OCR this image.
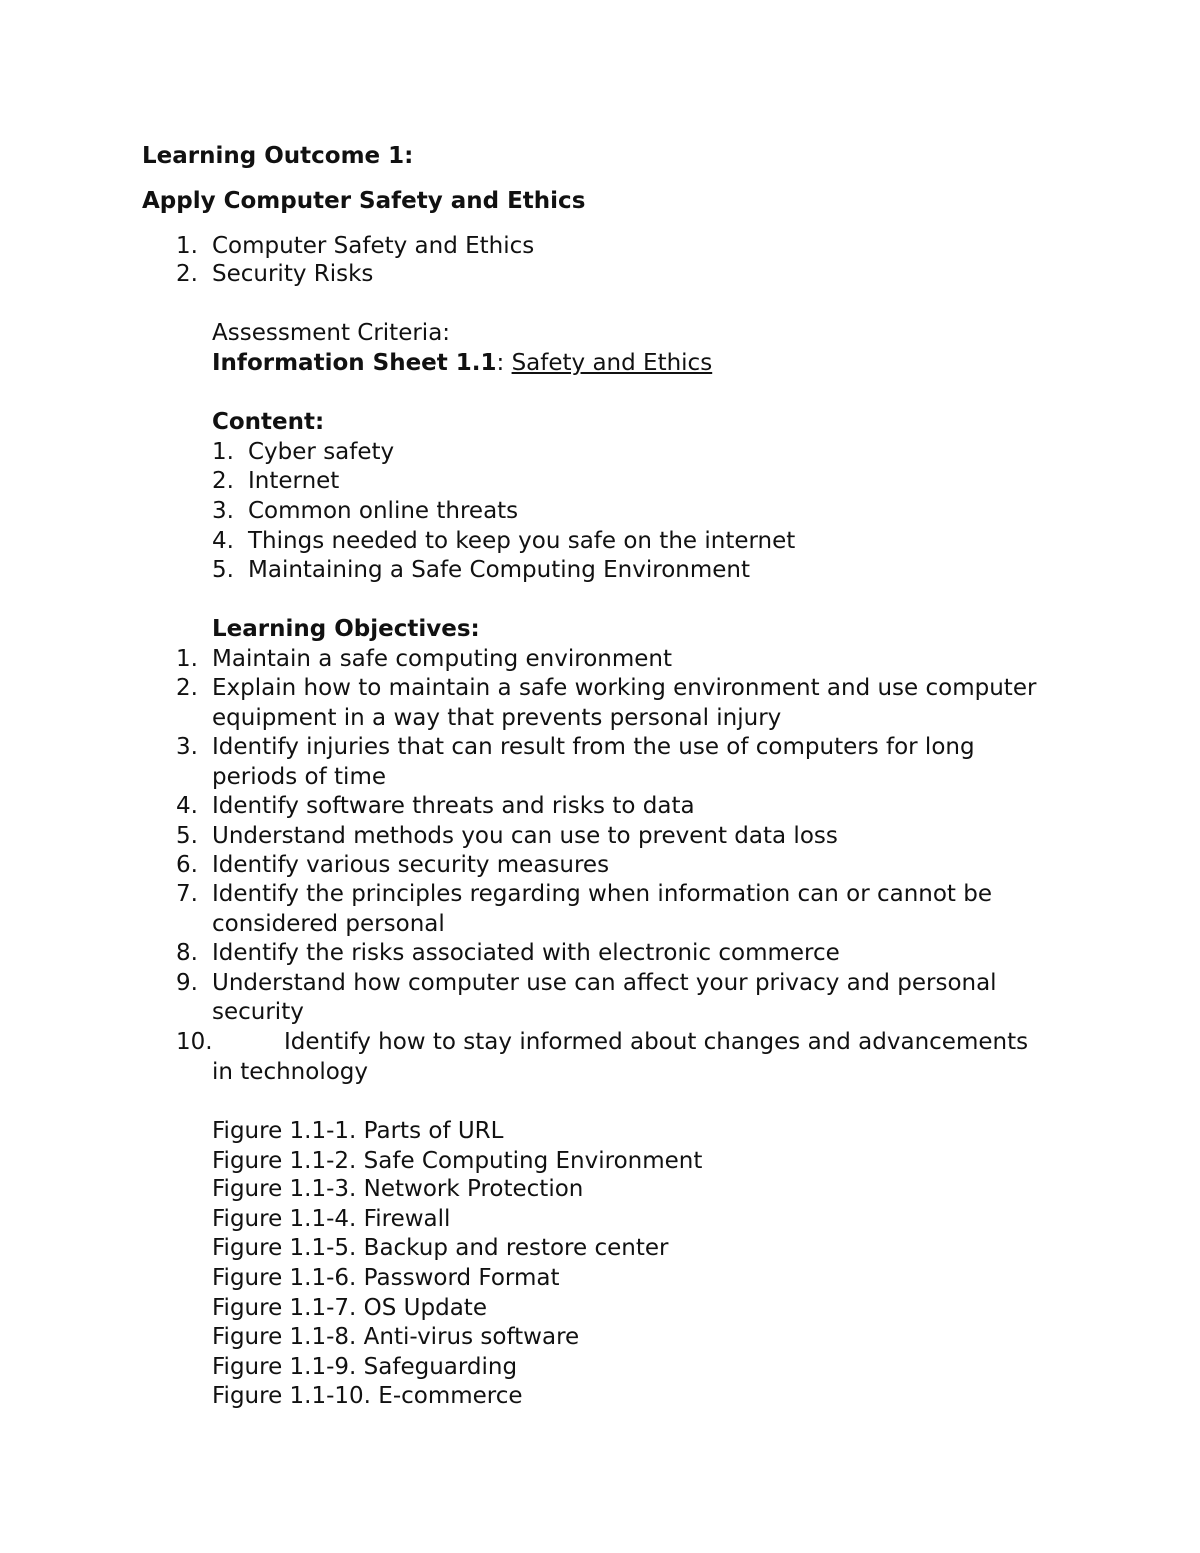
Learning Outcome 1:
Apply Computer Safety and Ethics
1. Computer Safety and Ethics
2. Security Risks
Assessment Criteria:
Information Sheet 1.1: Safety and Ethics
Content:
1. Cyber safety
2. Internet
3. Common online threats
4. Things needed to keep you safe on the internet
5. Maintaining a Safe Computing Environment
Learning Objectives:
1. Maintain a safe computing environment
2. Explain how to maintain a safe working environment and use computer
equipment in a way that prevents personal injury
3. Identify injuries that can result from the use of computers for long
periods of time
4. Identify software threats and risks to data
5. Understand methods you can use to prevent data loss
6. Identify various security measures
7. Identify the principles regarding when information can or cannot be
considered personal
8. Identify the risks associated with electronic commerce
9. Understand how computer use can affect your privacy and personal
security
10.	Identify how to stay informed about changes and advancements
in technology
Figure 1.1-1. Parts of URL
Figure 1.1-2. Safe Computing Environment
Figure 1.1-3. Network Protection
Figure 1.1-4. Firewall
Figure 1.1-5. Backup and restore center
Figure 1.1-6. Password Format
Figure 1.1-7. OS Update
Figure 1.1-8. Anti-virus software
Figure 1.1-9. Safeguarding
Figure 1.1-10. E-commerce
